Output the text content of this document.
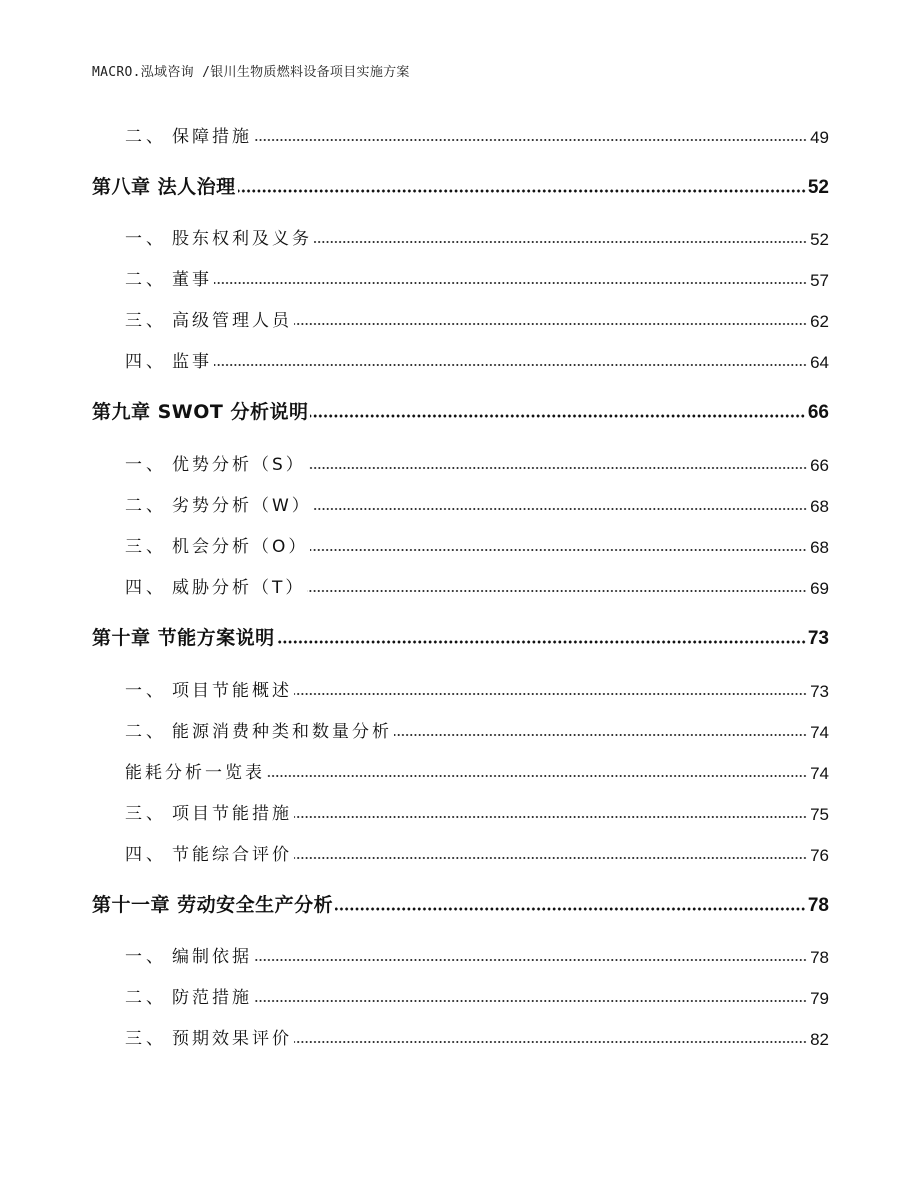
MACRO.泓域咨询 /银川生物质燃料设备项目实施方案
二、 保障措施	49
第八章 法人治理	52
一、 股东权利及义务	52
二、 董事	57
三、 高级管理人员	62
四、 监事	64
第九章 SWOT 分析说明	66
一、 优势分析（S）	66
二、 劣势分析（W）	68
三、 机会分析（O）	68
四、 威胁分析（T）	69
第十章 节能方案说明	73
一、 项目节能概述	73
二、 能源消费种类和数量分析	74
能耗分析一览表	74
三、 项目节能措施	75
四、 节能综合评价	76
第十一章 劳动安全生产分析	78
一、 编制依据	78
二、 防范措施	79
三、 预期效果评价	82
